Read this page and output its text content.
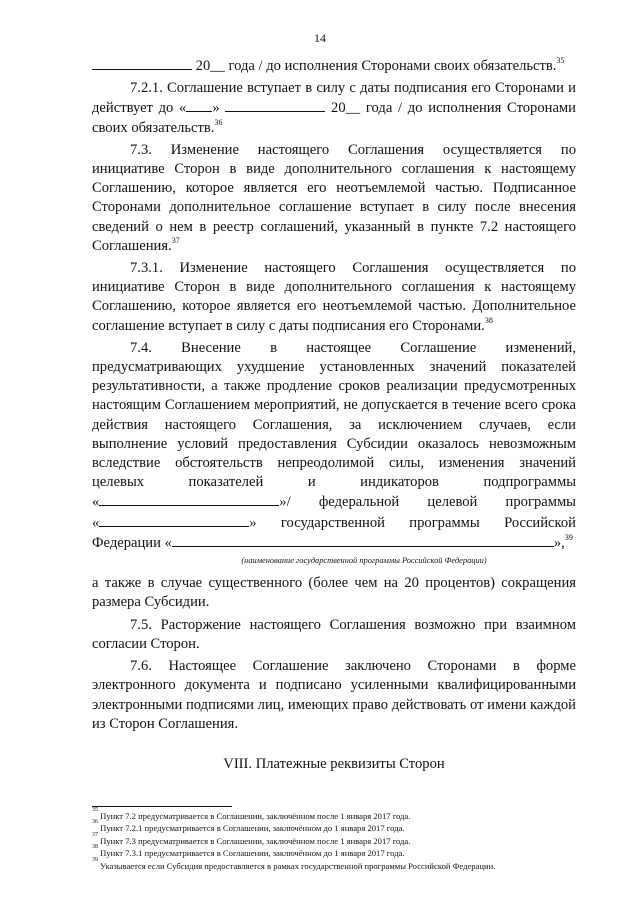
14

20__ года / до исполнения Сторонами своих обязательств.$^{35}$

7.2.1. Соглашение вступает в силу с даты подписания его Сторонами и действует до « »	20__ года / до исполнения Сторонами своих обязательств.$^{36}$

7.3. Изменение настоящего Соглашения осуществляется по инициативе Сторон в виде дополнительного соглашения к настоящему Соглашению, которое является его неотъемлемой частью. Подписанное Сторонами дополнительное соглашение вступает в силу после внесения сведений о нем в реестр соглашений, указанный в пункте 7.2 настоящего Соглашения.$^{37}$

7.3.1. Изменение настоящего Соглашения осуществляется по инициативе Сторон в виде дополнительного соглашения к настоящему Соглашению, которое является его неотъемлемой частью. Дополнительное соглашение вступает в силу с даты подписания его Сторонами.$^{38}$

7.4. Внесение в настоящее Соглашение изменений, предусматривающих ухудшение установленных значений показателей результативности, а также продление сроков реализации предусмотренных настоящим Соглашением мероприятий, не допускается в течение всего срока действия настоящего Соглашения, за исключением случаев, если выполнение условий предоставления Субсидии оказалось невозможным вследствие обстоятельств непреодолимой силы, изменения значений целевых показателей и индикаторов подпрограммы

«	»/ федеральной целевой программы
«	» государственной программы Российской
Федерации «	»,$^{39}$
(наименование государственной программы Российской Федерации)

а также в случае существенного (более чем на 20 процентов) сокращения размера Субсидии.

7.5. Расторжение настоящего Соглашения возможно при взаимном согласии Сторон.

7.6. Настоящее Соглашение заключено Сторонами в форме электронного документа и подписано усиленными квалифицированными электронными подписями лиц, имеющих право действовать от имени каждой из Сторон Соглашения.

VIII. Платежные реквизиты Сторон

$^{35}$ Пункт 7.2 предусматривается в Соглашении, заключённом после 1 января 2017 года.

$^{36}$ Пункт 7.2.1 предусматривается в Соглашении, заключённом до 1 января 2017 года.

$^{37}$ Пункт 7.3 предусматривается в Соглашении, заключённом после 1 января 2017 года.

$^{38}$ Пункт 7.3.1 предусматривается в Соглашении, заключённом до 1 января 2017 года.

$^{39}$ Указывается если Субсидия предоставляется в рамках государственной программы Российской Федерации.
